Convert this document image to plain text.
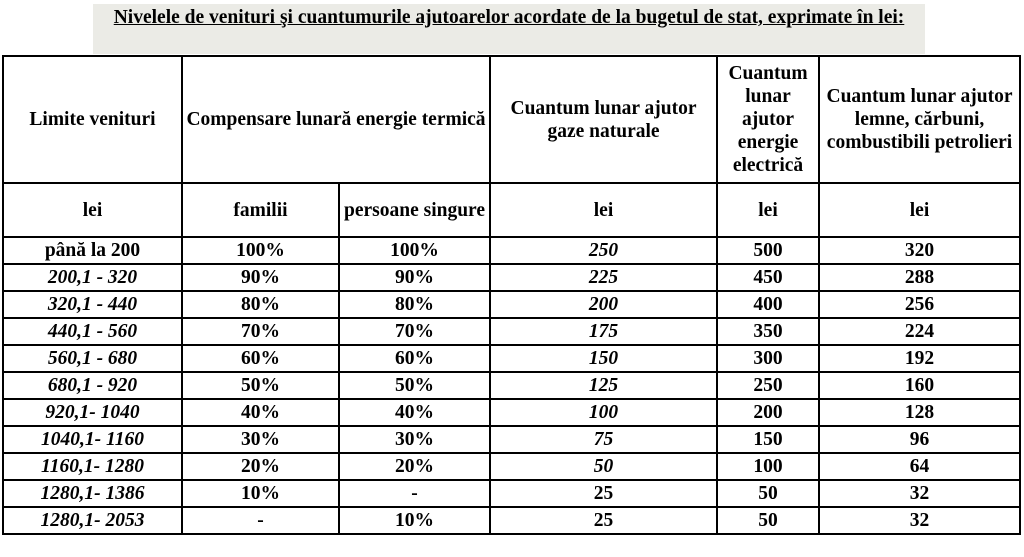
Nivelele de venituri şi cuantumurile ajutoarelor acordate de la bugetul de stat, exprimate în lei:
Limite venituri	Compensare lunară energie termică		Cuantum lunar ajutor gaze naturale	Cuantum lunar ajutor energie electrică	Cuantum lunar ajutor lemne, cărbuni, combustibili petrolieri
lei	familii	persoane singure	lei	lei	lei
până la 200	100%	100%	250	500	320
200,1 - 320	90%	90%	225	450	288
320,1 - 440	80%	80%	200	400	256
440,1 - 560	70%	70%	175	350	224
560,1 - 680	60%	60%	150	300	192
680,1 - 920	50%	50%	125	250	160
920,1- 1040	40%	40%	100	200	128
1040,1- 1160	30%	30%	75	150	96
1160,1- 1280	20%	20%	50	100	64
1280,1- 1386	10%	-	25	50	32
1280,1- 2053	-	10%	25	50	32
